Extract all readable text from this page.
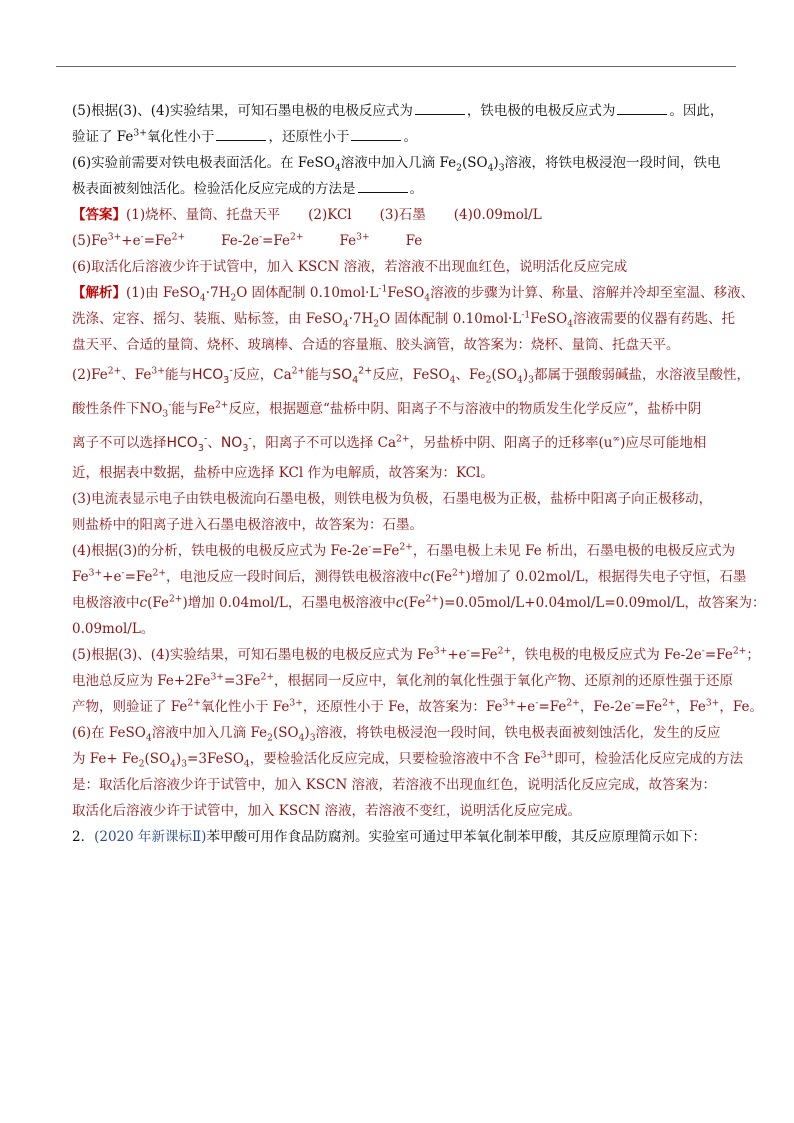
(5)根据(3)、(4)实验结果，可知石墨电极的电极反应式为	，铁电极的电极反应式为	。因此，
验证了 $Fe^{3+}$氧化性小于	，还原性小于	。
(6)实验前需要对铁电极表面活化。在 FeSO$_4$溶液中加入几滴 $Fe_2(SO_4)_3$溶液，将铁电极浸泡一段时间，铁电
极表面被刻蚀活化。检验活化反应完成的方法是	。
【答案】(1)烧杯、量筒、托盘天平 (2)KCl (3)石墨 (4)0.09mol/L
$(5)Fe^{3+}+e^-=Fe^{2+}$	$Fe-2e^-=Fe^{2+}$	$Fe^{3+}$	Fe
(6)取活化后溶液少许于试管中，加入 KSCN 溶液，若溶液不出现血红色，说明活化反应完成
【解析】(1)由 $FeSO_4\cdot 7H_2O$ 固体配制 $0.10mol\cdot L^{-1}FeSO_4$溶液的步骤为计算、称量、溶解并冷却至室温、移液、
洗涤、定容、摇匀、装瓶、贴标签，由 $FeSO_4\cdot 7H_2O$ 固体配制 $0.10mol\cdot L^{-1}FeSO_4$溶液需要的仪器有药匙、托
盘天平、合适的量筒、烧杯、玻璃棒、合适的容量瓶、胶头滴管，故答案为：烧杯、量筒、托盘天平。
$(2)Fe^{2+}$、$Fe^{3+}$能与$HCO_3^-$反应，$Ca^{2+}$能与$SO_4^{2+}$反应，FeSO$_4$、$Fe_2(SO_4)_3$都属于强酸弱碱盐，水溶液呈酸性，
酸性条件下$NO_3^-$能与$Fe^{2+}$反应，根据题意“盐桥中阴、阳离子不与溶液中的物质发生化学反应”，盐桥中阴
离子不可以选择$HCO_3^-$、$NO_3^-$，阳离子不可以选择 $Ca^{2+}$，另盐桥中阴、阳离子的迁移率(u∞)应尽可能地相
近，根据表中数据，盐桥中应选择 KCl 作为电解质，故答案为：KCl。
(3)电流表显示电子由铁电极流向石墨电极，则铁电极为负极，石墨电极为正极，盐桥中阳离子向正极移动，
则盐桥中的阳离子进入石墨电极溶液中，故答案为：石墨。
(4)根据(3)的分析，铁电极的电极反应式为 $Fe-2e^-=Fe^{2+}$，石墨电极上未见 Fe 析出，石墨电极的电极反应式为
$Fe^{3+}+e^-=Fe^{2+}$，电池反应一段时间后，测得铁电极溶液中$c(Fe^{2+})$增加了 0.02mol/L，根据得失电子守恒，石墨
电极溶液中$c(Fe^{2+})$增加 0.04mol/L，石墨电极溶液中$c(Fe^{2+})=0.05mol/L+0.04mol/L=0.09mol/L$，故答案为：
0.09mol/L。
(5)根据(3)、(4)实验结果，可知石墨电极的电极反应式为 $Fe^{3+}+e^-=Fe^{2+}$，铁电极的电极反应式为 $Fe-2e^-=Fe^{2+}$；
电池总反应为 $Fe+2Fe^{3+}=3Fe^{2+}$，根据同一反应中，氧化剂的氧化性强于氧化产物、还原剂的还原性强于还原
产物，则验证了 $Fe^{2+}$氧化性小于 $Fe^{3+}$，还原性小于 Fe，故答案为：$Fe^{3+}+e^-=Fe^{2+}$，$Fe-2e^-=Fe^{2+}$，$Fe^{3+}$，Fe。
(6)在 FeSO$_4$溶液中加入几滴 $Fe_2(SO_4)_3$溶液，将铁电极浸泡一段时间，铁电极表面被刻蚀活化，发生的反应
为 $Fe+ Fe_2(SO_4)_3=3FeSO_4$，要检验活化反应完成，只要检验溶液中不含 $Fe^{3+}$即可，检验活化反应完成的方法
是：取活化后溶液少许于试管中，加入 KSCN 溶液，若溶液不出现血红色，说明活化反应完成，故答案为：
取活化后溶液少许于试管中，加入 KSCN 溶液，若溶液不变红，说明活化反应完成。
2．(2020 年新课标Ⅱ)苯甲酸可用作食品防腐剂。实验室可通过甲苯氧化制苯甲酸，其反应原理简示如下：
